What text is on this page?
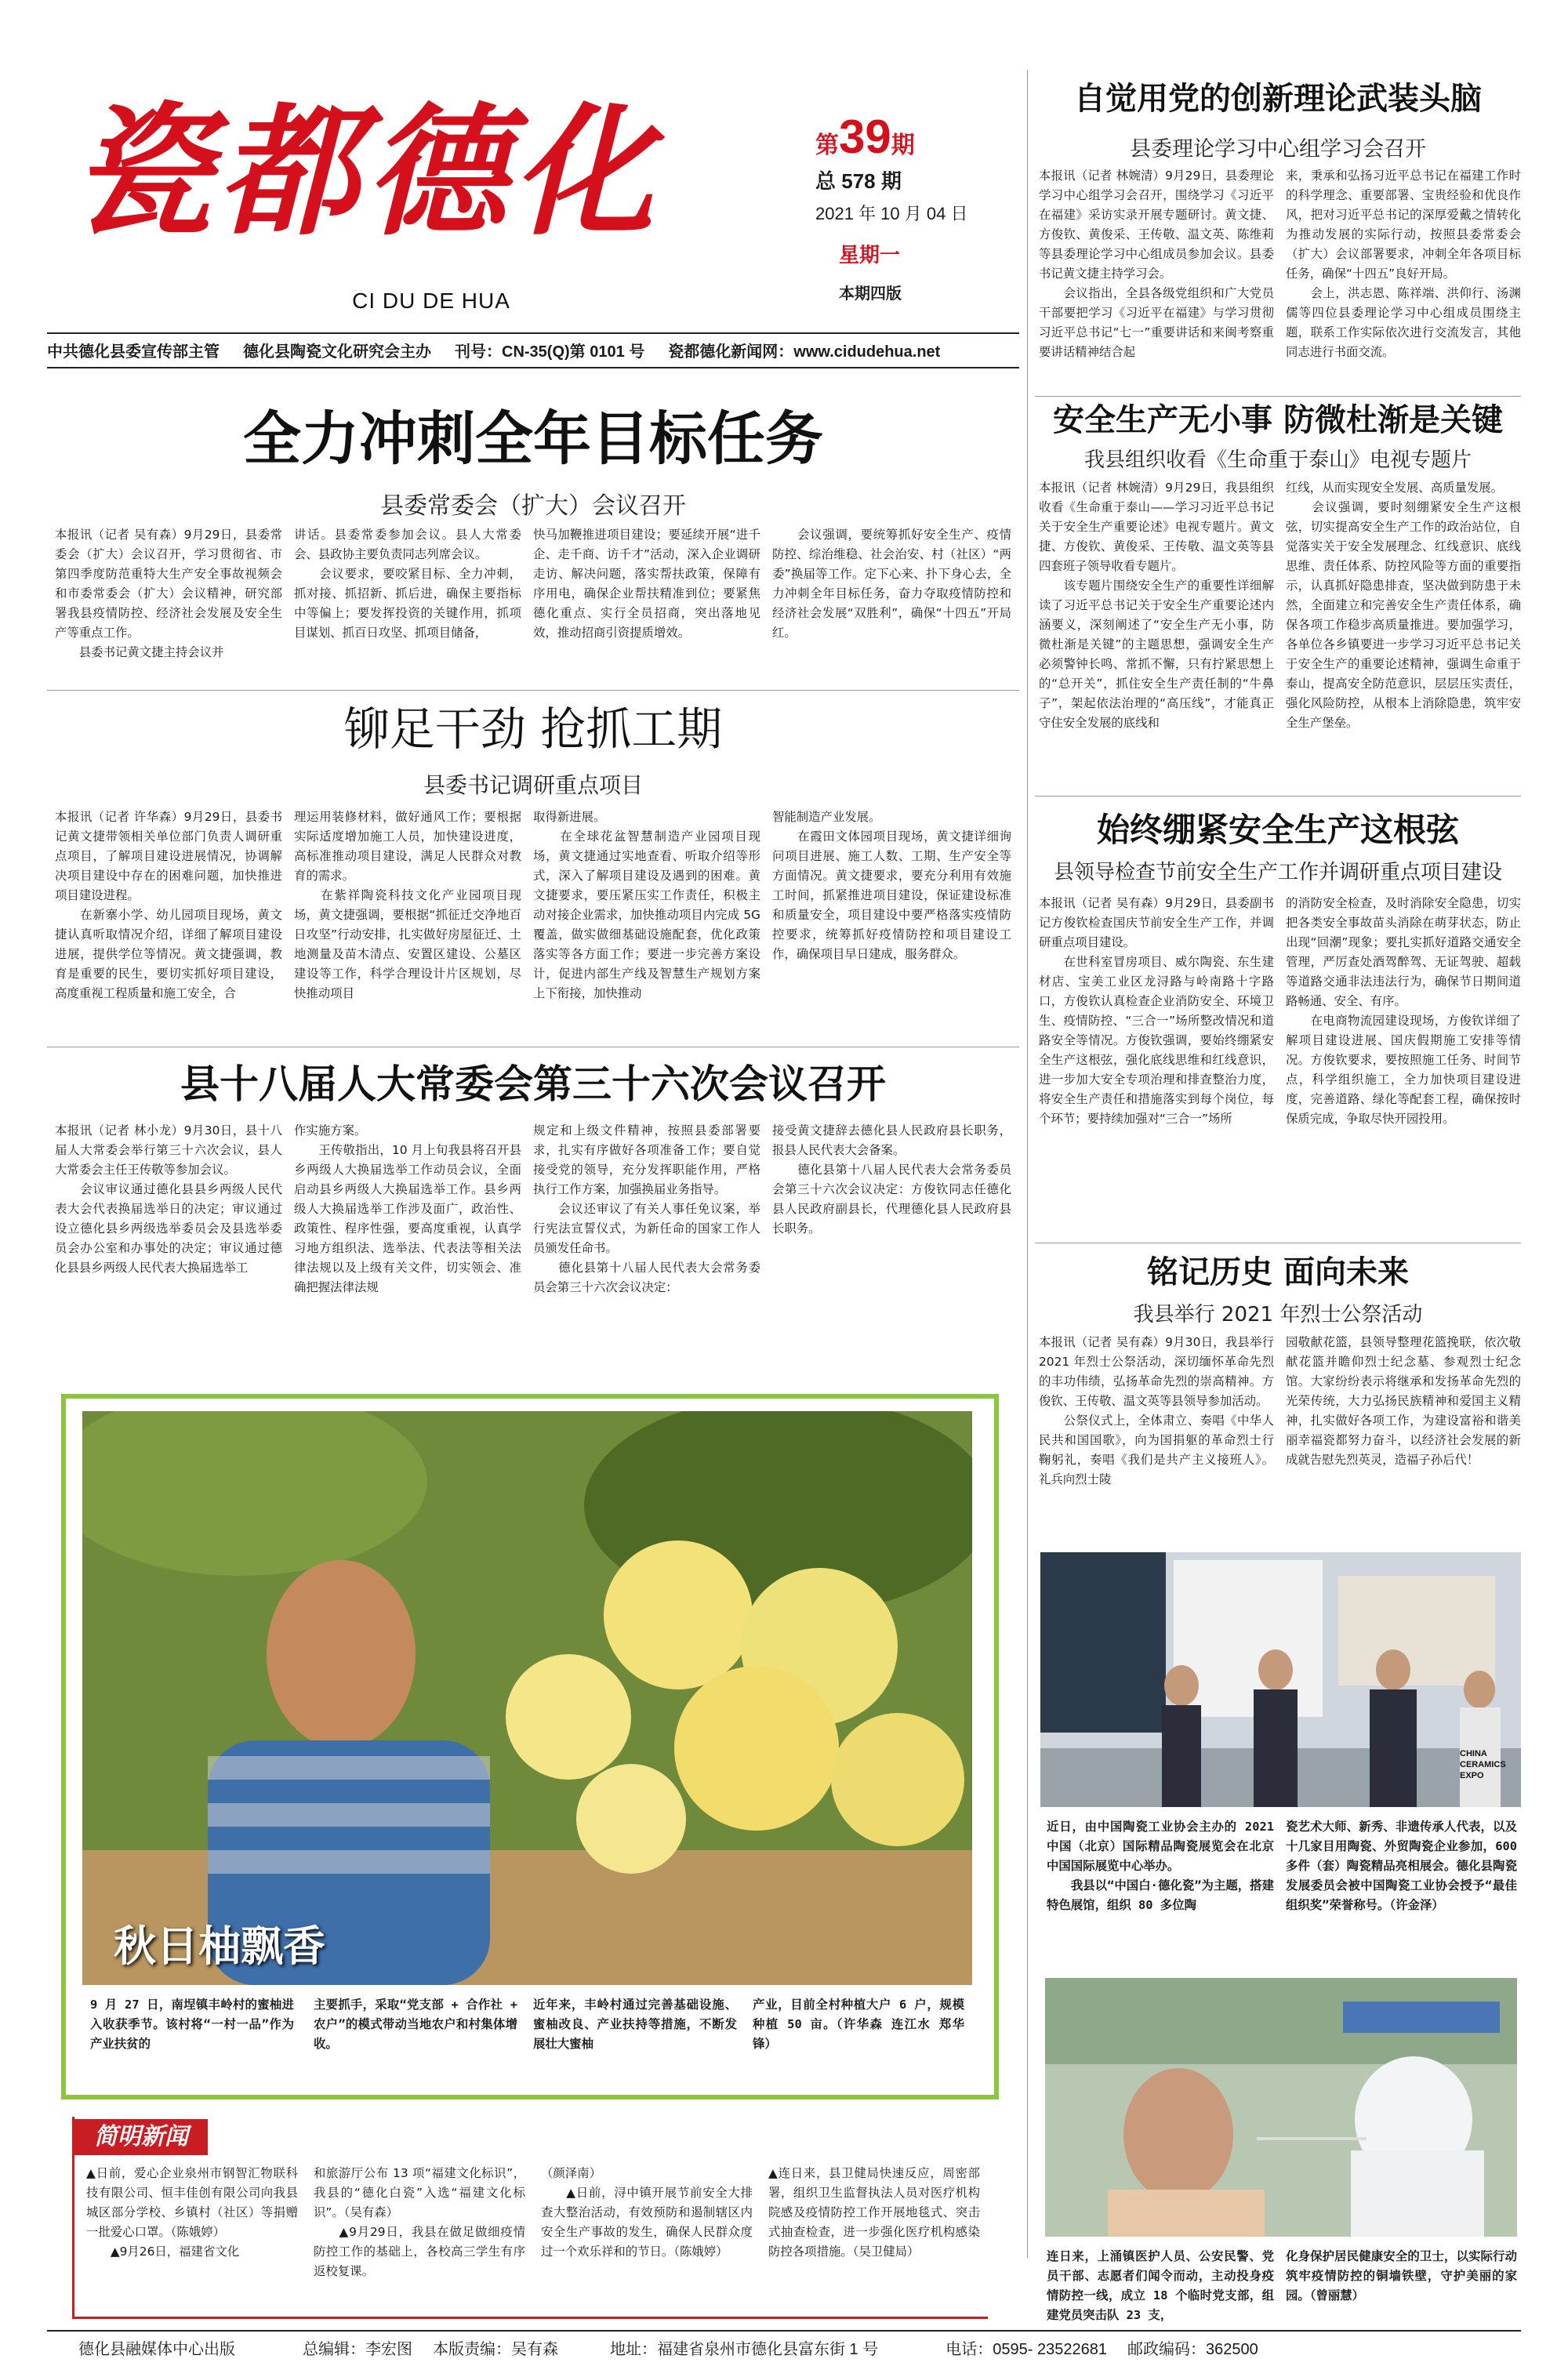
瓷都德化
CI DU DE HUA
第39期
总 578 期
2021 年 10 月 04 日
星期一
本期四版
中共德化县委宣传部主管 德化县陶瓷文化研究会主办 刊号：CN-35(Q)第 0101 号 瓷都德化新闻网：www.cidudehua.net
自觉用党的创新理论武装头脑
县委理论学习中心组学习会召开
本报讯（记者 林婉清）9月29日，县委理论学习中心组学习会召开，围绕学习《习近平在福建》采访实录开展专题研讨。黄文捷、方俊钦、黄俊采、王传敬、温文英、陈维莉等县委理论学习中心组成员参加会议。县委书记黄文捷主持学习会。
　　会议指出，全县各级党组织和广大党员干部要把学习《习近平在福建》与学习贯彻习近平总书记“七一”重要讲话和来闽考察重要讲话精神结合起
来，秉承和弘扬习近平总书记在福建工作时的科学理念、重要部署、宝贵经验和优良作风，把对习近平总书记的深厚爱戴之情转化为推动发展的实际行动，按照县委常委会（扩大）会议部署要求，冲刺全年各项目标任务，确保“十四五”良好开局。
　　会上，洪志恩、陈祥端、洪仰行、汤渊儒等四位县委理论学习中心组成员围绕主题，联系工作实际依次进行交流发言，其他同志进行书面交流。
全力冲刺全年目标任务
县委常委会（扩大）会议召开
本报讯（记者 吴有森）9月29日，县委常委会（扩大）会议召开，学习贯彻省、市第四季度防范重特大生产安全事故视频会和市委常委会（扩大）会议精神，研究部署我县疫情防控、经济社会发展及安全生产等重点工作。
　　县委书记黄文捷主持会议并
讲话。县委常委参加会议。县人大常委会、县政协主要负责同志列席会议。
　　会议要求，要咬紧目标、全力冲刺，抓对接、抓招新、抓后进，确保主要指标中等偏上；要发挥投资的关键作用，抓项目谋划、抓百日攻坚、抓项目储备，
快马加鞭推进项目建设；要延续开展“进千企、走千商、访千才”活动，深入企业调研走访、解决问题，落实帮扶政策，保障有序用电，确保企业帮扶精准到位；要紧焦德化重点、实行全员招商，突出落地见效，推动招商引资提质增效。
　　会议强调，要统筹抓好安全生产、疫情防控、综治维稳、社会治安、村（社区）“两委”换届等工作。定下心来、扑下身心去，全力冲刺全年目标任务，奋力夺取疫情防控和经济社会发展“双胜利”，确保“十四五”开局红。
铆足干劲 抢抓工期
县委书记调研重点项目
本报讯（记者 许华森）9月29日，县委书记黄文捷带领相关单位部门负责人调研重点项目，了解项目建设进展情况，协调解决项目建设中存在的困难问题，加快推进项目建设进程。
　　在新寨小学、幼儿园项目现场，黄文捷认真听取情况介绍，详细了解项目建设进展，提供学位等情况。黄文捷强调，教育是重要的民生，要切实抓好项目建设，高度重视工程质量和施工安全，合
理运用装修材料，做好通风工作；要根据实际适度增加施工人员，加快建设进度，高标准推动项目建设，满足人民群众对教育的需求。
　　在紫祥陶瓷科技文化产业园项目现场，黄文捷强调，要根据“抓征迁交净地百日攻坚”行动安排，扎实做好房屋征迁、土地测量及苗木清点、安置区建设、公墓区建设等工作，科学合理设计片区规划，尽快推动项目
取得新进展。
　　在全球花盆智慧制造产业园项目现场，黄文捷通过实地查看、听取介绍等形式，深入了解项目建设及遇到的困难。黄文捷要求，要压紧压实工作责任，积极主动对接企业需求，加快推动项目内完成 5G 覆盖，做实做细基础设施配套，优化政策落实等各方面工作；要进一步完善方案设计，促进内部生产线及智慧生产规划方案上下衔接，加快推动
智能制造产业发展。
　　在霞田文体园项目现场，黄文捷详细询问项目进展、施工人数、工期、生产安全等方面情况。黄文捷要求，要充分利用有效施工时间，抓紧推进项目建设，保证建设标准和质量安全，项目建设中要严格落实疫情防控要求，统筹抓好疫情防控和项目建设工作，确保项目早日建成，服务群众。
县十八届人大常委会第三十六次会议召开
本报讯（记者 林小龙）9月30日，县十八届人大常委会举行第三十六次会议，县人大常委会主任王传敬等参加会议。
　　会议审议通过德化县县乡两级人民代表大会代表换届选举日的决定；审议通过设立德化县乡两级选举委员会及县选举委员会办公室和办事处的决定；审议通过德化县县乡两级人民代表大换届选举工
作实施方案。
　　王传敬指出，10 月上旬我县将召开县乡两级人大换届选举工作动员会议，全面启动县乡两级人大换届选举工作。县乡两级人大换届选举工作涉及面广，政治性、政策性、程序性强，要高度重视，认真学习地方组织法、选举法、代表法等相关法律法规以及上级有关文件，切实领会、准确把握法律法规
规定和上级文件精神，按照县委部署要求，扎实有序做好各项准备工作；要自觉接受党的领导，充分发挥职能作用，严格执行工作方案，加强换届业务指导。
　　会议还审议了有关人事任免议案，举行宪法宣誓仪式，为新任命的国家工作人员颁发任命书。
　　德化县第十八届人民代表大会常务委员会第三十六次会议决定：
接受黄文捷辞去德化县人民政府县长职务，报县人民代表大会备案。
　　德化县第十八届人民代表大会常务委员会第三十六次会议决定：方俊钦同志任德化县人民政府副县长，代理德化县人民政府县长职务。
安全生产无小事 防微杜渐是关键
我县组织收看《生命重于泰山》电视专题片
本报讯（记者 林婉清）9月29日，我县组织收看《生命重于泰山——学习习近平总书记关于安全生产重要论述》电视专题片。黄文捷、方俊钦、黄俊采、王传敬、温文英等县四套班子领导收看专题片。
　　该专题片围绕安全生产的重要性详细解读了习近平总书记关于安全生产重要论述内涵要义，深刻阐述了“安全生产无小事，防微杜渐是关键”的主题思想，强调安全生产必须警钟长鸣、常抓不懈，只有拧紧思想上的“总开关”，抓住安全生产责任制的“牛鼻子”，架起依法治理的“高压线”，才能真正守住安全发展的底线和
红线，从而实现安全发展、高质量发展。
　　会议强调，要时刻绷紧安全生产这根弦，切实提高安全生产工作的政治站位，自觉落实关于安全发展理念、红线意识、底线思维、责任体系、防控风险等方面的重要指示，认真抓好隐患排查，坚决做到防患于未然，全面建立和完善安全生产责任体系，确保各项工作稳步高质量推进。要加强学习，各单位各乡镇要进一步学习习近平总书记关于安全生产的重要论述精神，强调生命重于泰山，提高安全防范意识，层层压实责任，强化风险防控，从根本上消除隐患，筑牢安全生产堡垒。
始终绷紧安全生产这根弦
县领导检查节前安全生产工作并调研重点项目建设
本报讯（记者 吴有森）9月29日，县委副书记方俊钦检查国庆节前安全生产工作，并调研重点项目建设。
　　在世科室冒房项目、威尔陶瓷、东生建材店、宝美工业区龙浔路与岭南路十字路口，方俊钦认真检查企业消防安全、环境卫生、疫情防控、“三合一”场所整改情况和道路安全等情况。方俊钦强调，要始终绷紧安全生产这根弦，强化底线思维和红线意识，进一步加大安全专项治理和排查整治力度，将安全生产责任和措施落实到每个岗位，每个环节；要持续加强对“三合一”场所
的消防安全检查，及时消除安全隐患，切实把各类安全事故苗头消除在萌芽状态，防止出现“回潮”现象；要扎实抓好道路交通安全管理，严厉查处酒驾醉驾、无证驾驶、超载等道路交通非法违法行为，确保节日期间道路畅通、安全、有序。
　　在电商物流园建设现场，方俊钦详细了解项目建设进展、国庆假期施工安排等情况。方俊钦要求，要按照施工任务、时间节点，科学组织施工，全力加快项目建设进度，完善道路、绿化等配套工程，确保按时保质完成，争取尽快开园投用。
铭记历史 面向未来
我县举行 2021 年烈士公祭活动
本报讯（记者 吴有森）9月30日，我县举行 2021 年烈士公祭活动，深切缅怀革命先烈的丰功伟绩，弘扬革命先烈的崇高精神。方俊钦、王传敬、温文英等县领导参加活动。
　　公祭仪式上，全体肃立、奏唱《中华人民共和国国歌》，向为国捐躯的革命烈士行鞠躬礼，奏唱《我们是共产主义接班人》。礼兵向烈士陵
园敬献花篮，县领导整理花篮挽联，依次敬献花篮并瞻仰烈士纪念墓、参观烈士纪念馆。大家纷纷表示将继承和发扬革命先烈的光荣传统，大力弘扬民族精神和爱国主义精神，扎实做好各项工作，为建设富裕和谐美丽幸福瓷都努力奋斗，以经济社会发展的新成就告慰先烈英灵，造福子孙后代！
秋日柚飘香
9 月 27 日，南埕镇丰岭村的蜜柚进入收获季节。该村将“一村一品”作为产业扶贫的
主要抓手，采取“党支部 + 合作社 + 农户”的模式带动当地农户和村集体增收。
近年来，丰岭村通过完善基础设施、蜜柚改良、产业扶持等措施，不断发展壮大蜜柚
产业，目前全村种植大户 6 户，规模种植 50 亩。（许华森 连江水 郑华锋）
CHINA
CERAMICS
EXPO
近日，由中国陶瓷工业协会主办的 2021 中国（北京）国际精品陶瓷展览会在北京中国国际展览中心举办。
　　我县以“中国白·德化瓷”为主题，搭建特色展馆，组织 80 多位陶
瓷艺术大师、新秀、非遗传承人代表，以及十几家目用陶瓷、外贸陶瓷企业参加，600 多件（套）陶瓷精品亮相展会。德化县陶瓷发展委员会被中国陶瓷工业协会授予“最佳组织奖”荣誉称号。（许金泽）
连日来，上涌镇医护人员、公安民警、党员干部、志愿者们闻令而动，主动投身疫情防控一线，成立 18 个临时党支部，组建党员突击队 23 支，
化身保护居民健康安全的卫士，以实际行动筑牢疫情防控的铜墙铁壁，守护美丽的家园。（曾丽慧）
简明新闻
▲日前，爱心企业泉州市钢智汇物联科技有限公司、恒丰佳创有限公司向我县城区部分学校、乡镇村（社区）等捐赠一批爱心口罩。（陈娥婷）
　　▲9月26日，福建省文化
和旅游厅公布 13 项“福建文化标识”，我县的“德化白瓷”入选“福建文化标识”。（吴有森）
　　▲9月29日，我县在做足做细疫情防控工作的基础上，各校高三学生有序返校复课。
（颜泽南）
　　▲日前，浔中镇开展节前安全大排查大整治活动，有效预防和遏制辖区内安全生产事故的发生，确保人民群众度过一个欢乐祥和的节日。（陈娥婷）
▲连日来，县卫健局快速反应，周密部署，组织卫生监督执法人员对医疗机构院感及疫情防控工作开展地毯式、突击式抽查检查，进一步强化医疗机构感染防控各项措施。（吴卫健局）
德化县融媒体中心出版	总编辑：李宏图 本版责编：吴有森	地址：福建省泉州市德化县富东街 1 号	电话：0595- 23522681 邮政编码：362500
